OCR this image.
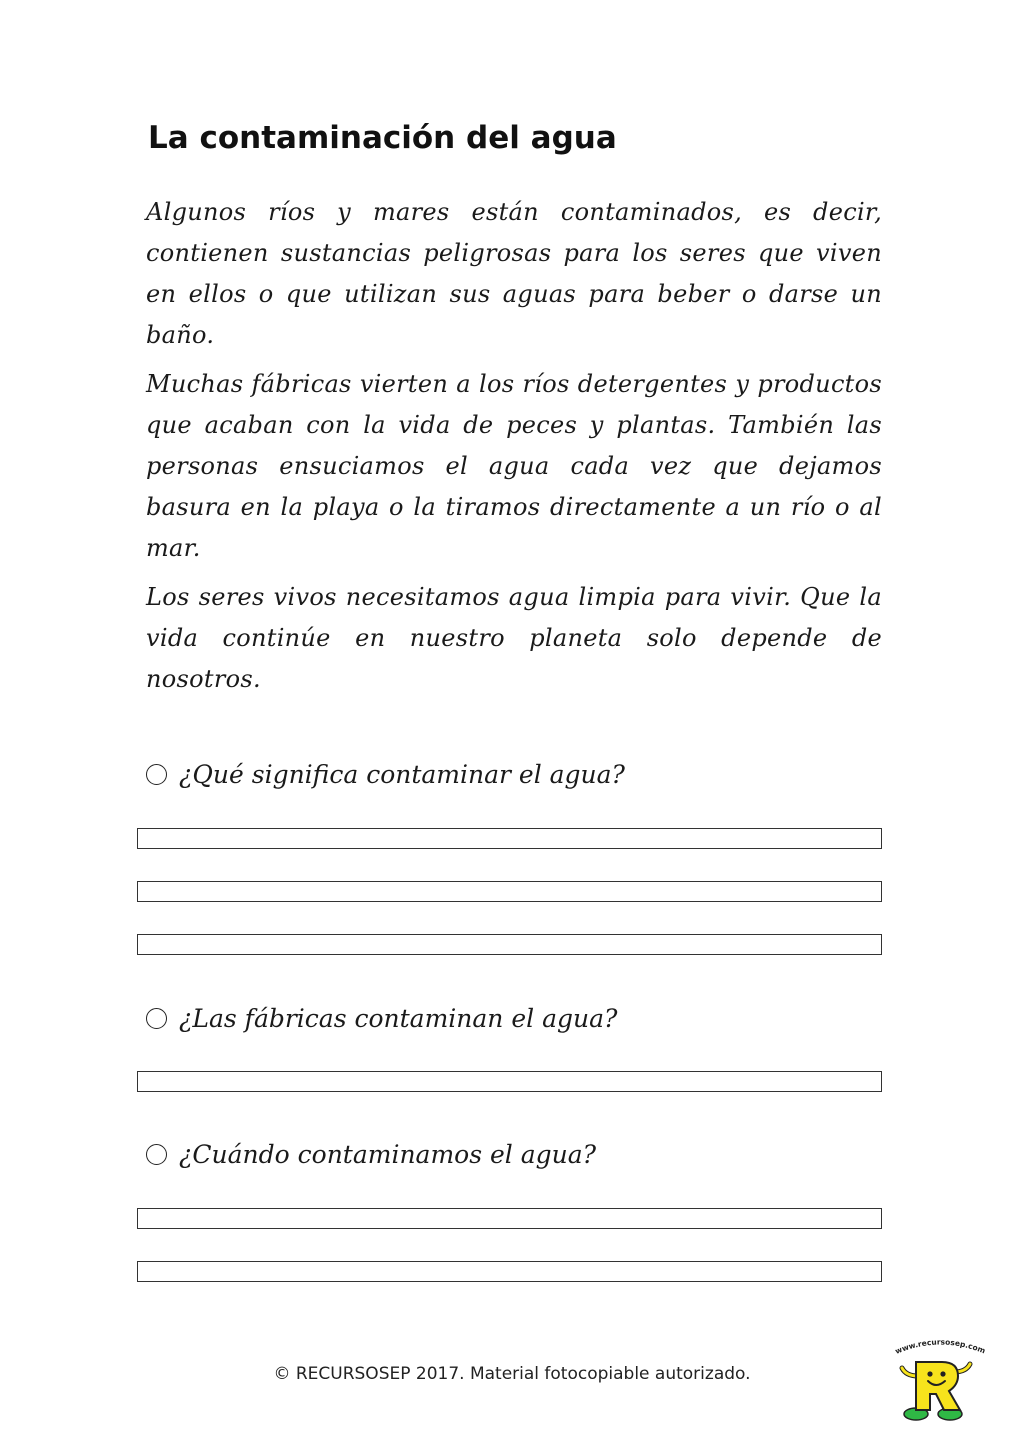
La contaminación del agua

Algunos ríos y mares están contaminados, es decir, contienen sustancias peligrosas para los seres que viven en ellos o que utilizan sus aguas para beber o darse un baño.

Muchas fábricas vierten a los ríos detergentes y productos que acaban con la vida de peces y plantas. También las personas ensuciamos el agua cada vez que dejamos basura en la playa o la tiramos directamente a un río o al mar.

Los seres vivos necesitamos agua limpia para vivir. Que la vida continúe en nuestro planeta solo depende de nosotros.

¿Qué significa contaminar el agua?
¿Las fábricas contaminan el agua?
¿Cuándo contaminamos el agua?
© RECURSOSEP 2017. Material fotocopiable autorizado.
www.recursosep.com
